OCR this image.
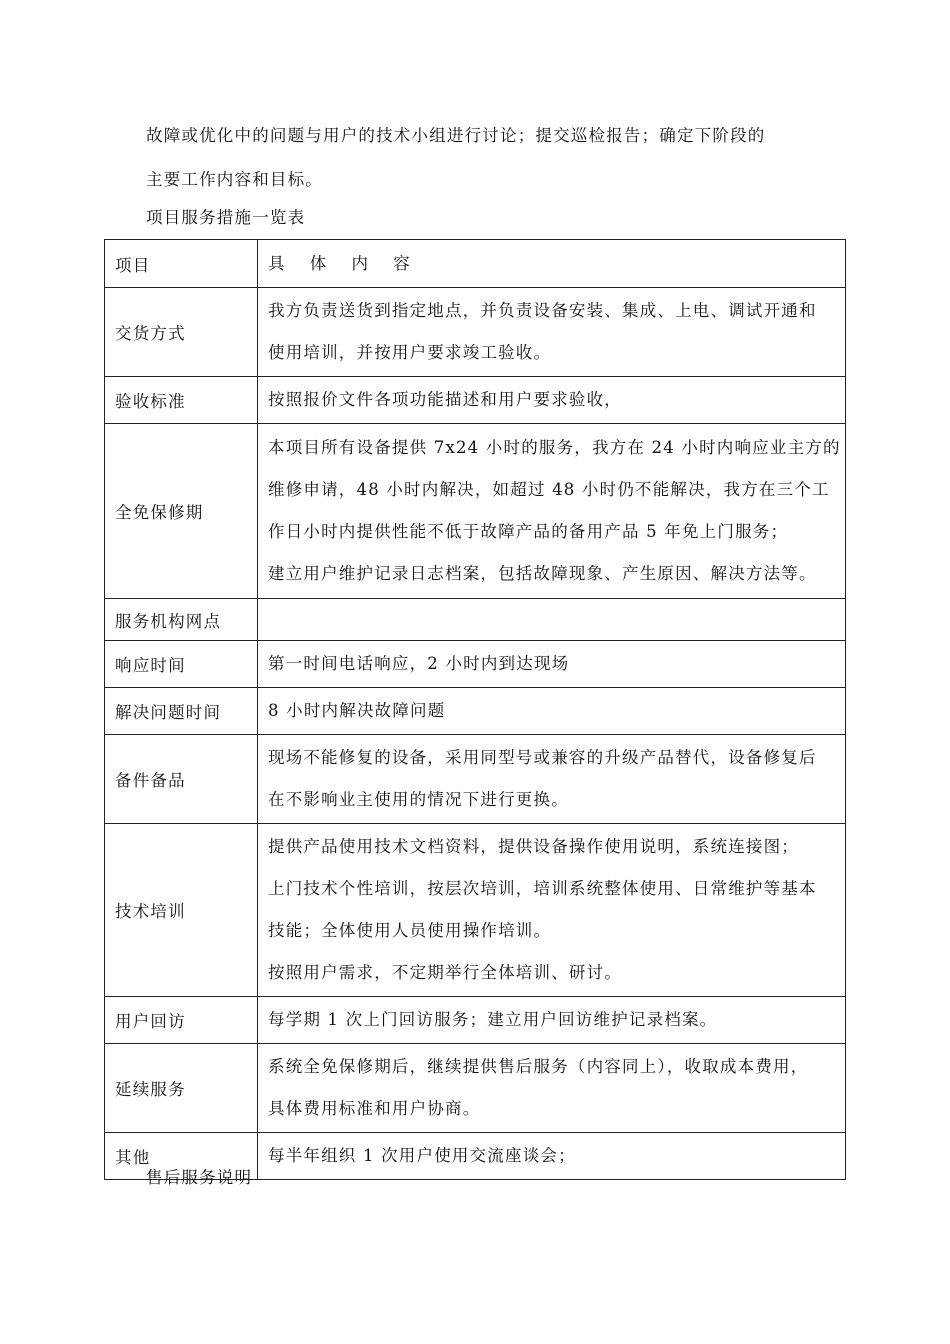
故障或优化中的问题与用户的技术小组进行讨论；提交巡检报告；确定下阶段的
主要工作内容和目标。
项目服务措施一览表
项目	具 体 内 容

交货方式	我方负责送货到指定地点，并负责设备安装、集成、上电、调试开通和
使用培训，并按用户要求竣工验收。

验收标准	按照报价文件各项功能描述和用户要求验收，

全免保修期	本项目所有设备提供 7x24 小时的服务，我方在 24 小时内响应业主方的
维修申请，48 小时内解决，如超过 48 小时仍不能解决，我方在三个工
作日小时内提供性能不低于故障产品的备用产品 5 年免上门服务；
建立用户维护记录日志档案，包括故障现象、产生原因、解决方法等。

服务机构网点	

响应时间	第一时间电话响应，2 小时内到达现场

解决问题时间	8 小时内解决故障问题

备件备品	现场不能修复的设备，采用同型号或兼容的升级产品替代，设备修复后
在不影响业主使用的情况下进行更换。

技术培训	提供产品使用技术文档资料，提供设备操作使用说明，系统连接图；
上门技术个性培训，按层次培训，培训系统整体使用、日常维护等基本
技能；全体使用人员使用操作培训。
按照用户需求，不定期举行全体培训、研讨。

用户回访	每学期 1 次上门回访服务；建立用户回访维护记录档案。

延续服务	系统全免保修期后，继续提供售后服务（内容同上），收取成本费用，
具体费用标准和用户协商。

其他	每半年组织 1 次用户使用交流座谈会；
售后服务说明
